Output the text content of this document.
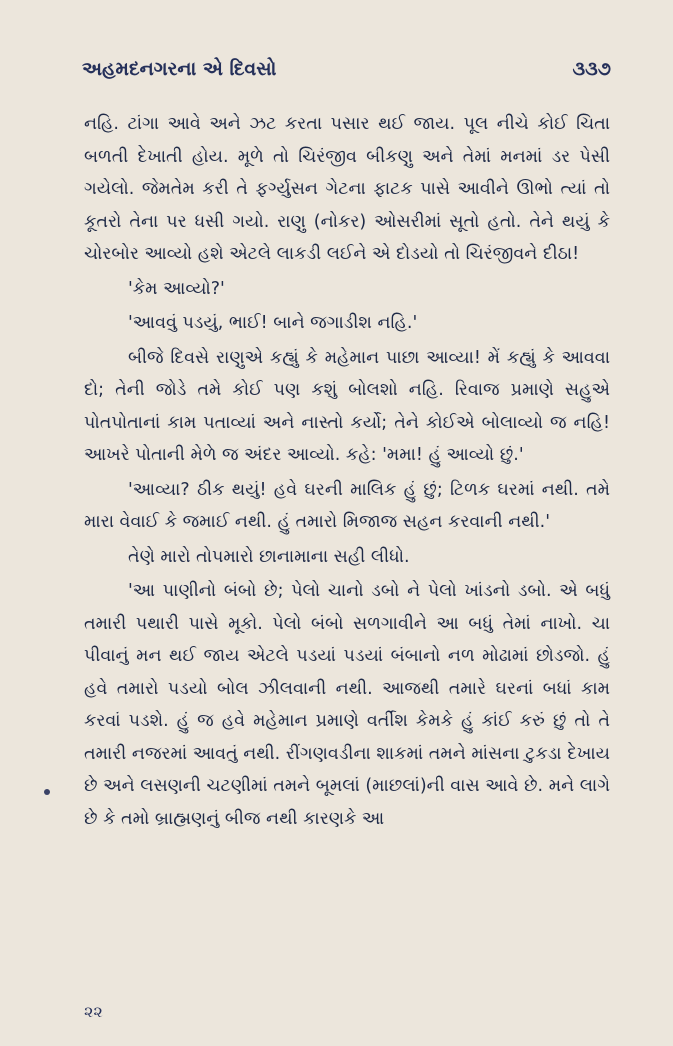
અહમદનગરના એ દિવસો	૩૩૭

નહિ. ટાંગા આવે અને ઝટ કરતા પસાર થઈ જાય. પૂલ નીચે કોઈ ચિતા બળતી દેખાતી હોય. મૂળે તો ચિરંજીવ બીકણુ અને તેમાં મનમાં ડર પેસી ગયેલો. જેમતેમ કરી તે ફર્ગ્યુસન ગેટના ફાટક પાસે આવીને ઊભો ત્યાં તો કૂતરો તેના પર ધસી ગયો. રાણુ (નોકર) ઓસરીમાં સૂતો હતો. તેને થયું કે ચોરબોર આવ્યો હશે એટલે લાકડી લઈને એ દોડયો તો ચિરંજીવને દીઠા!

'કેમ આવ્યો?'

'આવવું પડયું, ભાઈ! બાને જગાડીશ નહિ.'

બીજે દિવસે રાણુએ કહ્યું કે મહેમાન પાછા આવ્યા! મેં કહ્યું કે આવવા દો; તેની જોડે તમે કોઈ પણ કશું બોલશો નહિ. રિવાજ પ્રમાણે સહુએ પોતપોતાનાં કામ પતાવ્યાં અને નાસ્તો કર્યો; તેને કોઈએ બોલાવ્યો જ નહિ! આખરે પોતાની મેળે જ અંદર આવ્યો. કહે: 'મમા! હું આવ્યો છું.'

'આવ્યા? ઠીક થયું! હવે ઘરની માલિક હું છું; ટિળક ઘરમાં નથી. તમે મારા વેવાઈ કે જમાઈ નથી. હું તમારો મિજાજ સહન કરવાની નથી.'

તેણે મારો તોપમારો છાનામાના સહી લીધો.

'આ પાણીનો બંબો છે; પેલો ચાનો ડબો ને પેલો ખાંડનો ડબો. એ બધું તમારી પથારી પાસે મૂકો. પેલો બંબો સળગાવીને આ બધું તેમાં નાખો. ચા પીવાનું મન થઈ જાય એટલે પડયાં પડયાં બંબાનો નળ મોઢામાં છોડજો. હું હવે તમારો પડયો બોલ ઝીલવાની નથી. આજથી તમારે ઘરનાં બધાં કામ કરવાં પડશે. હું જ હવે મહેમાન પ્રમાણે વર્તીશ કેમકે હું કાંઈ કરું છું તો તે તમારી નજરમાં આવતું નથી. રીંગણવડીના શાકમાં તમને માંસના ટુકડા દેખાય છે અને લસણની ચટણીમાં તમને બૂમલાં (માછલાં)ની વાસ આવે છે. મને લાગે છે કે તમો બ્રાહ્મણનું બીજ નથી કારણકે આ

૨૨
